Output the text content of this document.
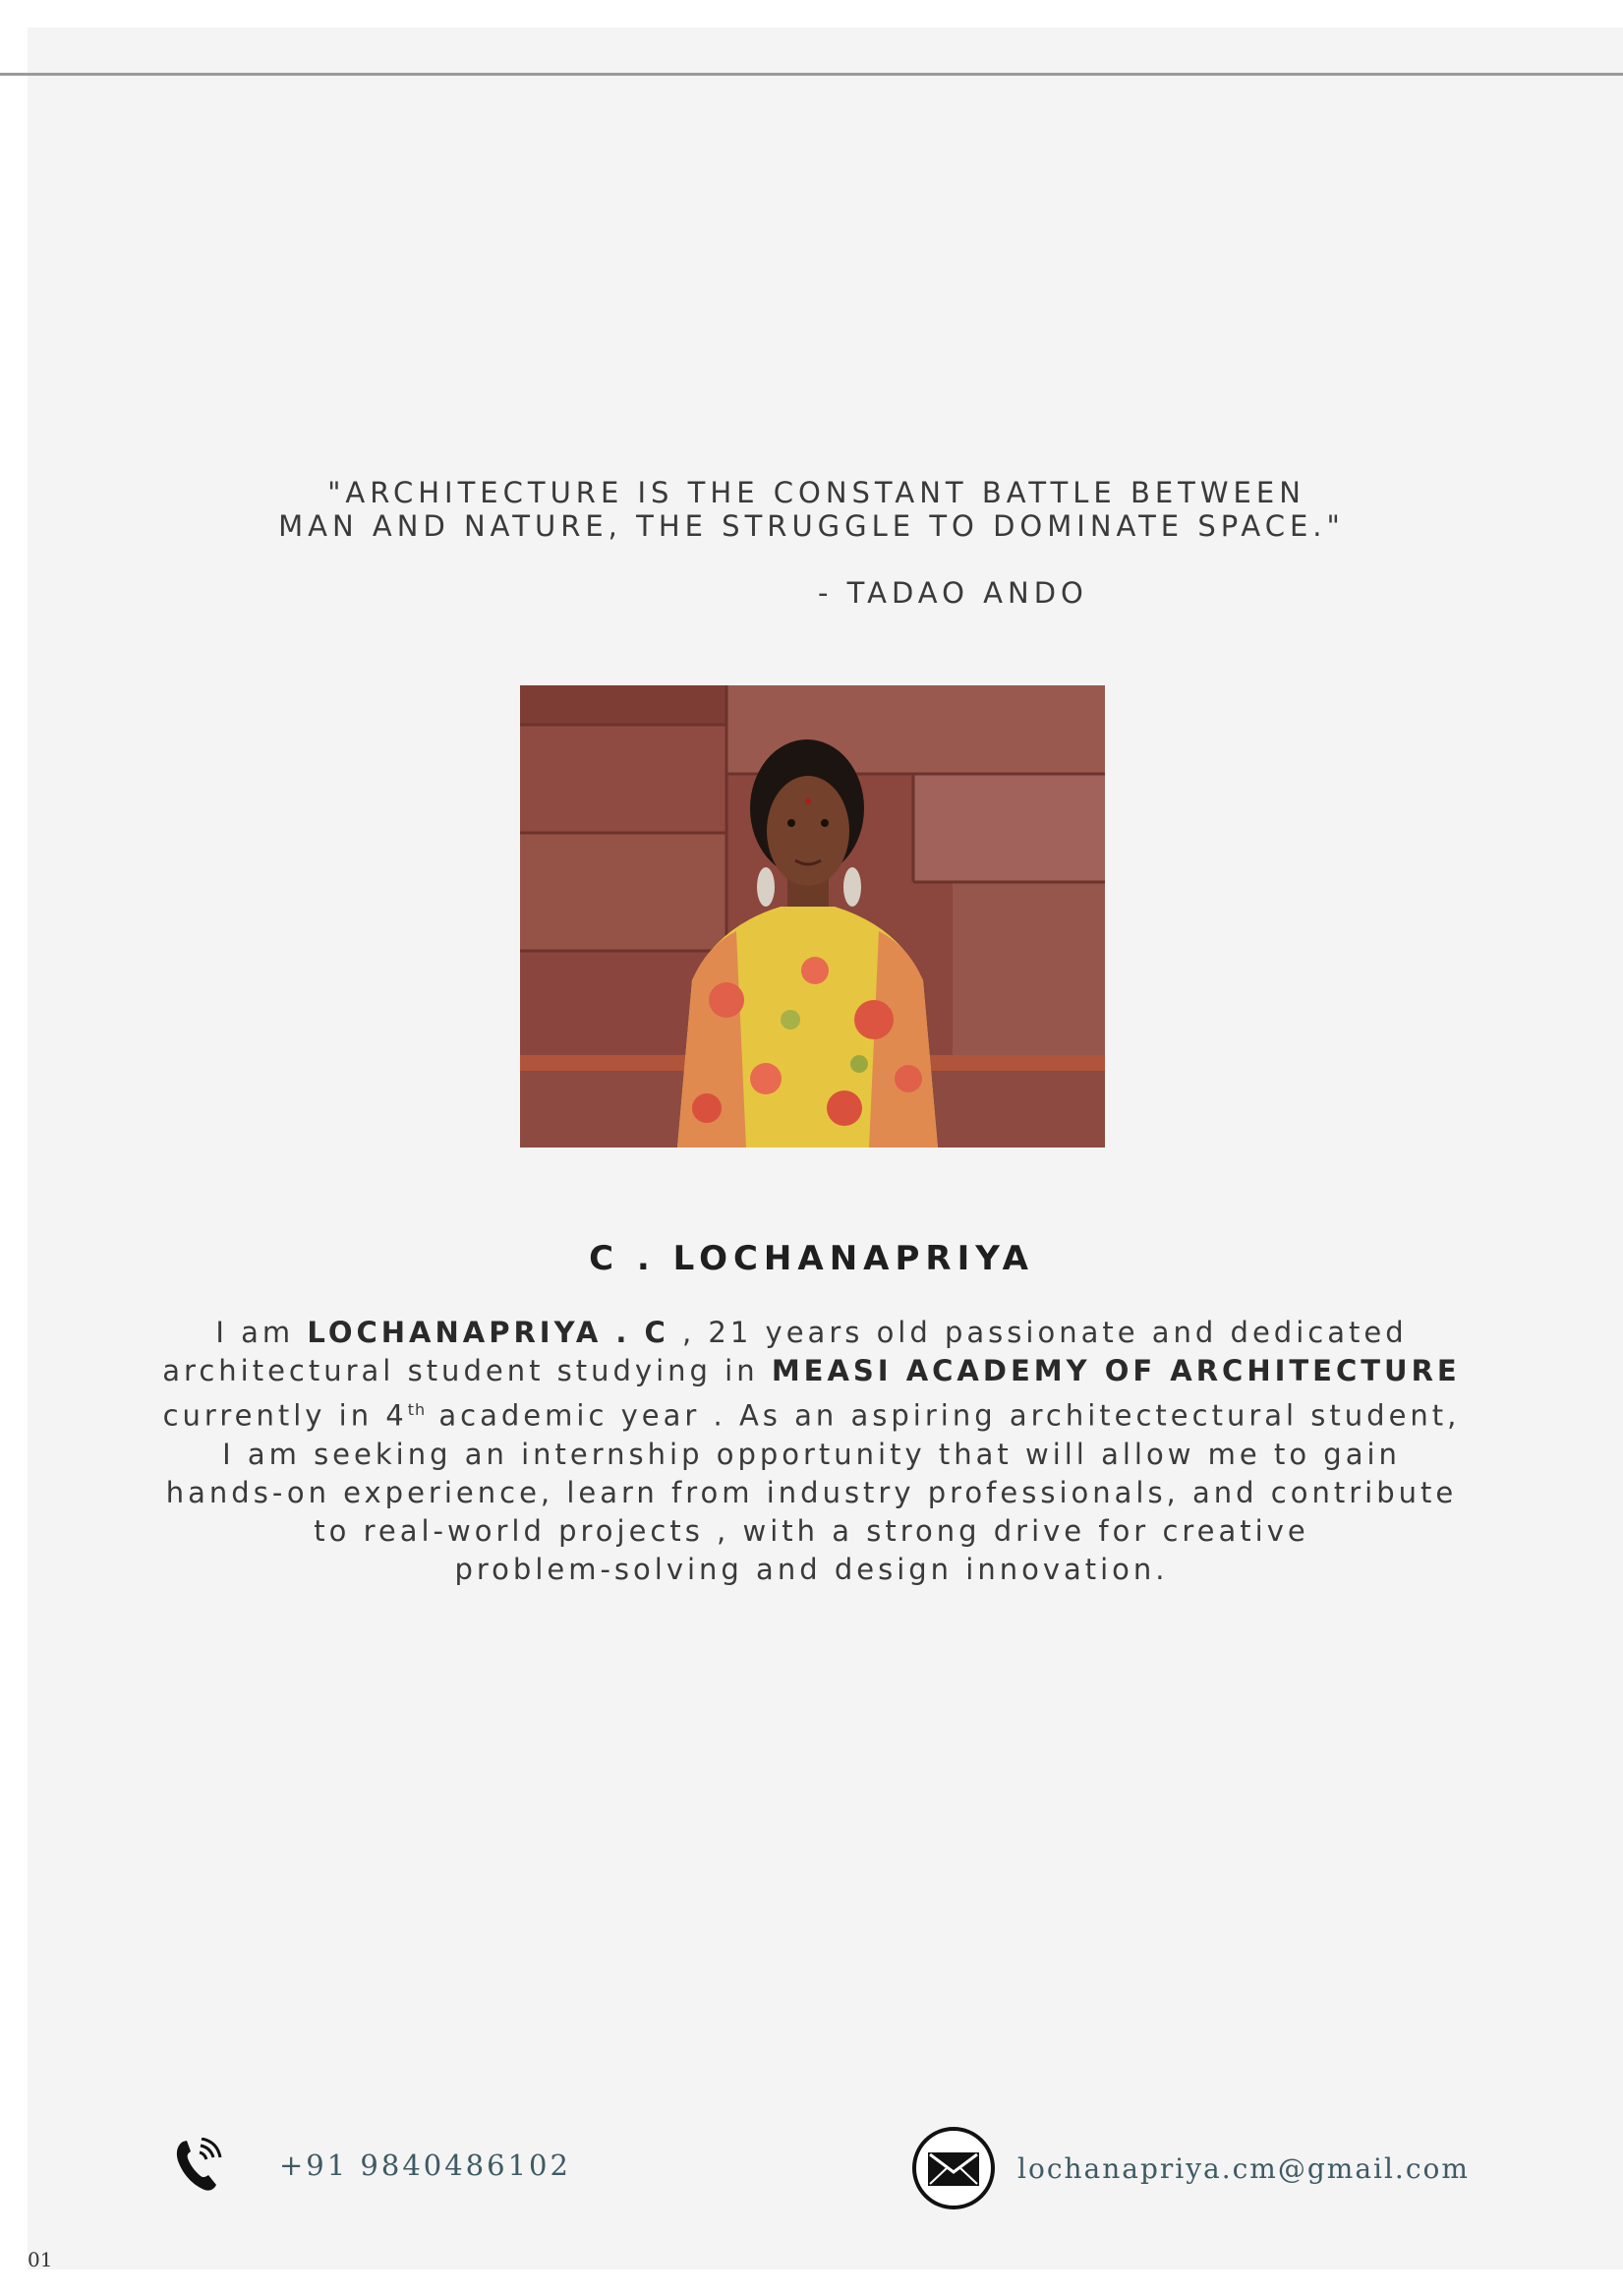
"ARCHITECTURE IS THE CONSTANT BATTLE BETWEEN
MAN AND NATURE, THE STRUGGLE TO DOMINATE SPACE."
- TADAO ANDO
C . LOCHANAPRIYA
I am LOCHANAPRIYA . C , 21 years old passionate and dedicated
architectural student studying in MEASI ACADEMY OF ARCHITECTURE
currently in 4th academic year . As an aspiring architectectural student,
I am seeking an internship opportunity that will allow me to gain
hands-on experience, learn from industry professionals, and contribute
to real-world projects , with a strong drive for creative
problem-solving and design innovation.
+91 9840486102	lochanapriya.cm@gmail.com
01
